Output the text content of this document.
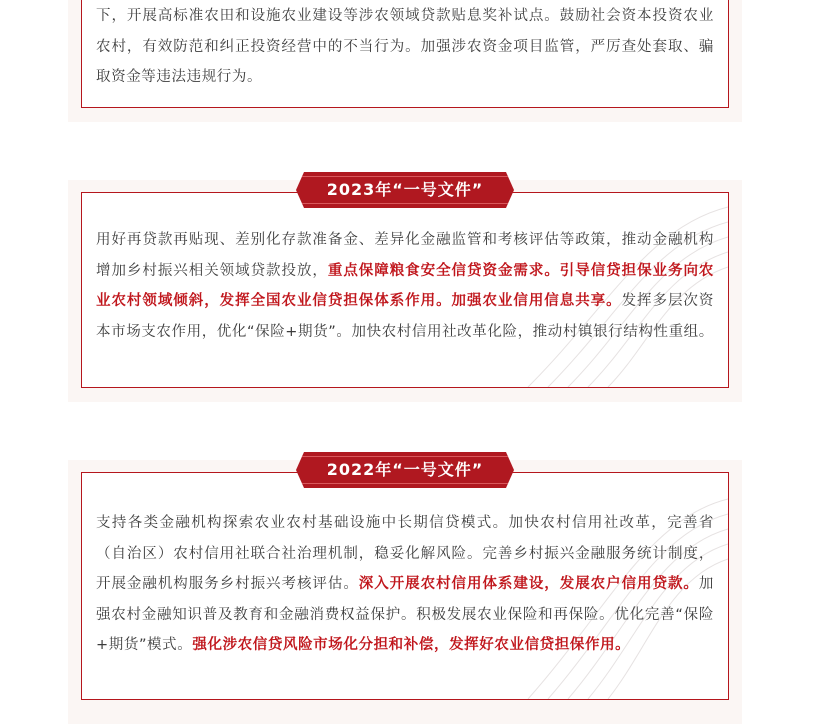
下，开展高标准农田和设施农业建设等涉农领域贷款贴息奖补试点。鼓励社会资本投资农业农村，有效防范和纠正投资经营中的不当行为。加强涉农资金项目监管，严厉查处套取、骗取资金等违法违规行为。

用好再贷款再贴现、差别化存款准备金、差异化金融监管和考核评估等政策，推动金融机构增加乡村振兴相关领域贷款投放，重点保障粮食安全信贷资金需求。引导信贷担保业务向农业农村领域倾斜，发挥全国农业信贷担保体系作用。加强农业信用信息共享。发挥多层次资本市场支农作用，优化“保险+期货”。加快农村信用社改革化险，推动村镇银行结构性重组。

2023年“一号文件”

支持各类金融机构探索农业农村基础设施中长期信贷模式。加快农村信用社改革，完善省（自治区）农村信用社联合社治理机制，稳妥化解风险。完善乡村振兴金融服务统计制度，开展金融机构服务乡村振兴考核评估。深入开展农村信用体系建设，发展农户信用贷款。加强农村金融知识普及教育和金融消费权益保护。积极发展农业保险和再保险。优化完善“保险+期货”模式。强化涉农信贷风险市场化分担和补偿，发挥好农业信贷担保作用。

2022年“一号文件”
